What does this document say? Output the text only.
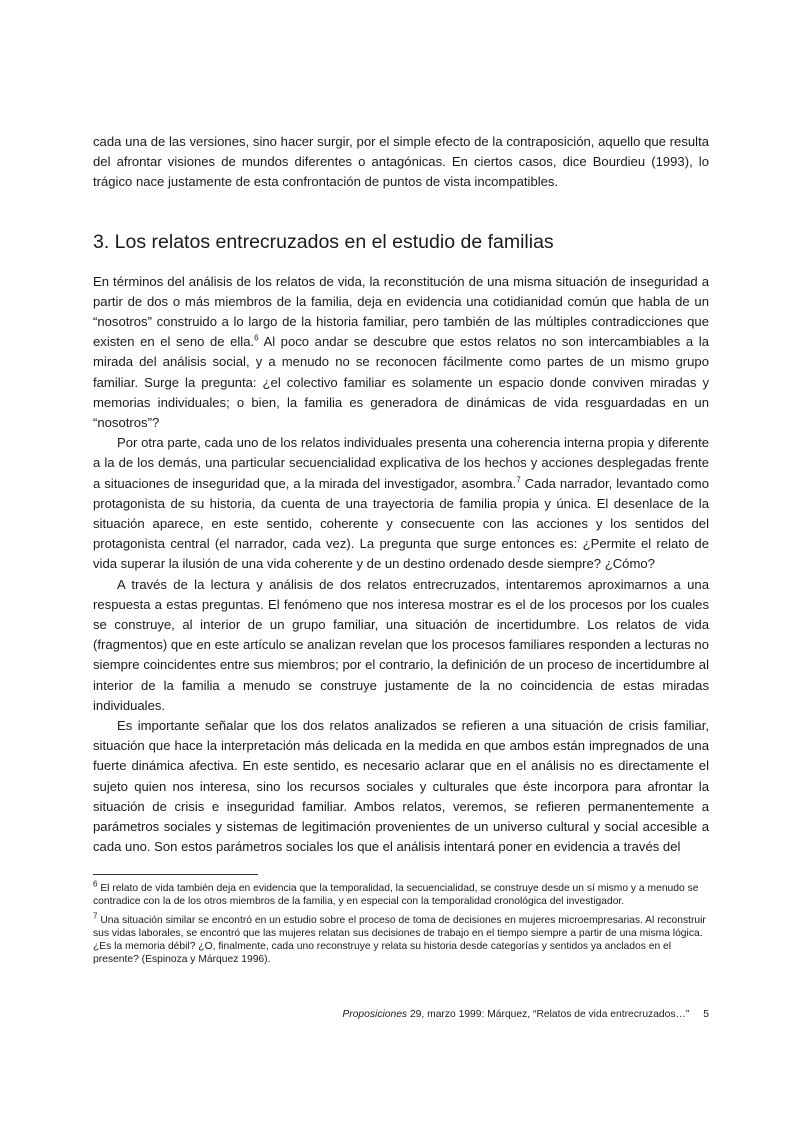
cada una de las versiones, sino hacer surgir, por el simple efecto de la contraposición, aquello que resulta del afrontar visiones de mundos diferentes o antagónicas. En ciertos casos, dice Bourdieu (1993), lo trágico nace justamente de esta confrontación de puntos de vista incompatibles.

3. Los relatos entrecruzados en el estudio de familias

En términos del análisis de los relatos de vida, la reconstitución de una misma situación de inseguridad a partir de dos o más miembros de la familia, deja en evidencia una cotidianidad común que habla de un “nosotros” construido a lo largo de la historia familiar, pero también de las múltiples contradicciones que existen en el seno de ella.$^6$ Al poco andar se descubre que estos relatos no son intercambiables a la mirada del análisis social, y a menudo no se reconocen fácilmente como partes de un mismo grupo familiar. Surge la pregunta: ¿el colectivo familiar es solamente un espacio donde conviven miradas y memorias individuales; o bien, la familia es generadora de dinámicas de vida resguardadas en un “nosotros”?

Por otra parte, cada uno de los relatos individuales presenta una coherencia interna propia y diferente a la de los demás, una particular secuencialidad explicativa de los hechos y acciones desplegadas frente a situaciones de inseguridad que, a la mirada del investigador, asombra.$^7$ Cada narrador, levantado como protagonista de su historia, da cuenta de una trayectoria de familia propia y única. El desenlace de la situación aparece, en este sentido, coherente y consecuente con las acciones y los sentidos del protagonista central (el narrador, cada vez). La pregunta que surge entonces es: ¿Permite el relato de vida superar la ilusión de una vida coherente y de un destino ordenado desde siempre? ¿Cómo?

A través de la lectura y análisis de dos relatos entrecruzados, intentaremos aproximarnos a una respuesta a estas preguntas. El fenómeno que nos interesa mostrar es el de los procesos por los cuales se construye, al interior de un grupo familiar, una situación de incertidumbre. Los relatos de vida (fragmentos) que en este artículo se analizan revelan que los procesos familiares responden a lecturas no siempre coincidentes entre sus miembros; por el contrario, la definición de un proceso de incertidumbre al interior de la familia a menudo se construye justamente de la no coincidencia de estas miradas individuales.

Es importante señalar que los dos relatos analizados se refieren a una situación de crisis familiar, situación que hace la interpretación más delicada en la medida en que ambos están impregnados de una fuerte dinámica afectiva. En este sentido, es necesario aclarar que en el análisis no es directamente el sujeto quien nos interesa, sino los recursos sociales y culturales que éste incorpora para afrontar la situación de crisis e inseguridad familiar. Ambos relatos, veremos, se refieren permanentemente a parámetros sociales y sistemas de legitimación provenientes de un universo cultural y social accesible a cada uno. Son estos parámetros sociales los que el análisis intentará poner en evidencia a través del

$^6$ El relato de vida también deja en evidencia que la temporalidad, la secuencialidad, se construye desde un sí mismo y a menudo se contradice con la de los otros miembros de la familia, y en especial con la temporalidad cronológica del investigador.

$^7$ Una situación similar se encontró en un estudio sobre el proceso de toma de decisiones en mujeres microempresarias. Al reconstruir sus vidas laborales, se encontró que las mujeres relatan sus decisiones de trabajo en el tiempo siempre a partir de una misma lógica. ¿Es la memoria débil? ¿O, finalmente, cada uno reconstruye y relata su historia desde categorías y sentidos ya anclados en el presente? (Espinoza y Márquez 1996).

Proposiciones 29, marzo 1999: Márquez, “Relatos de vida entrecruzados…” 5
